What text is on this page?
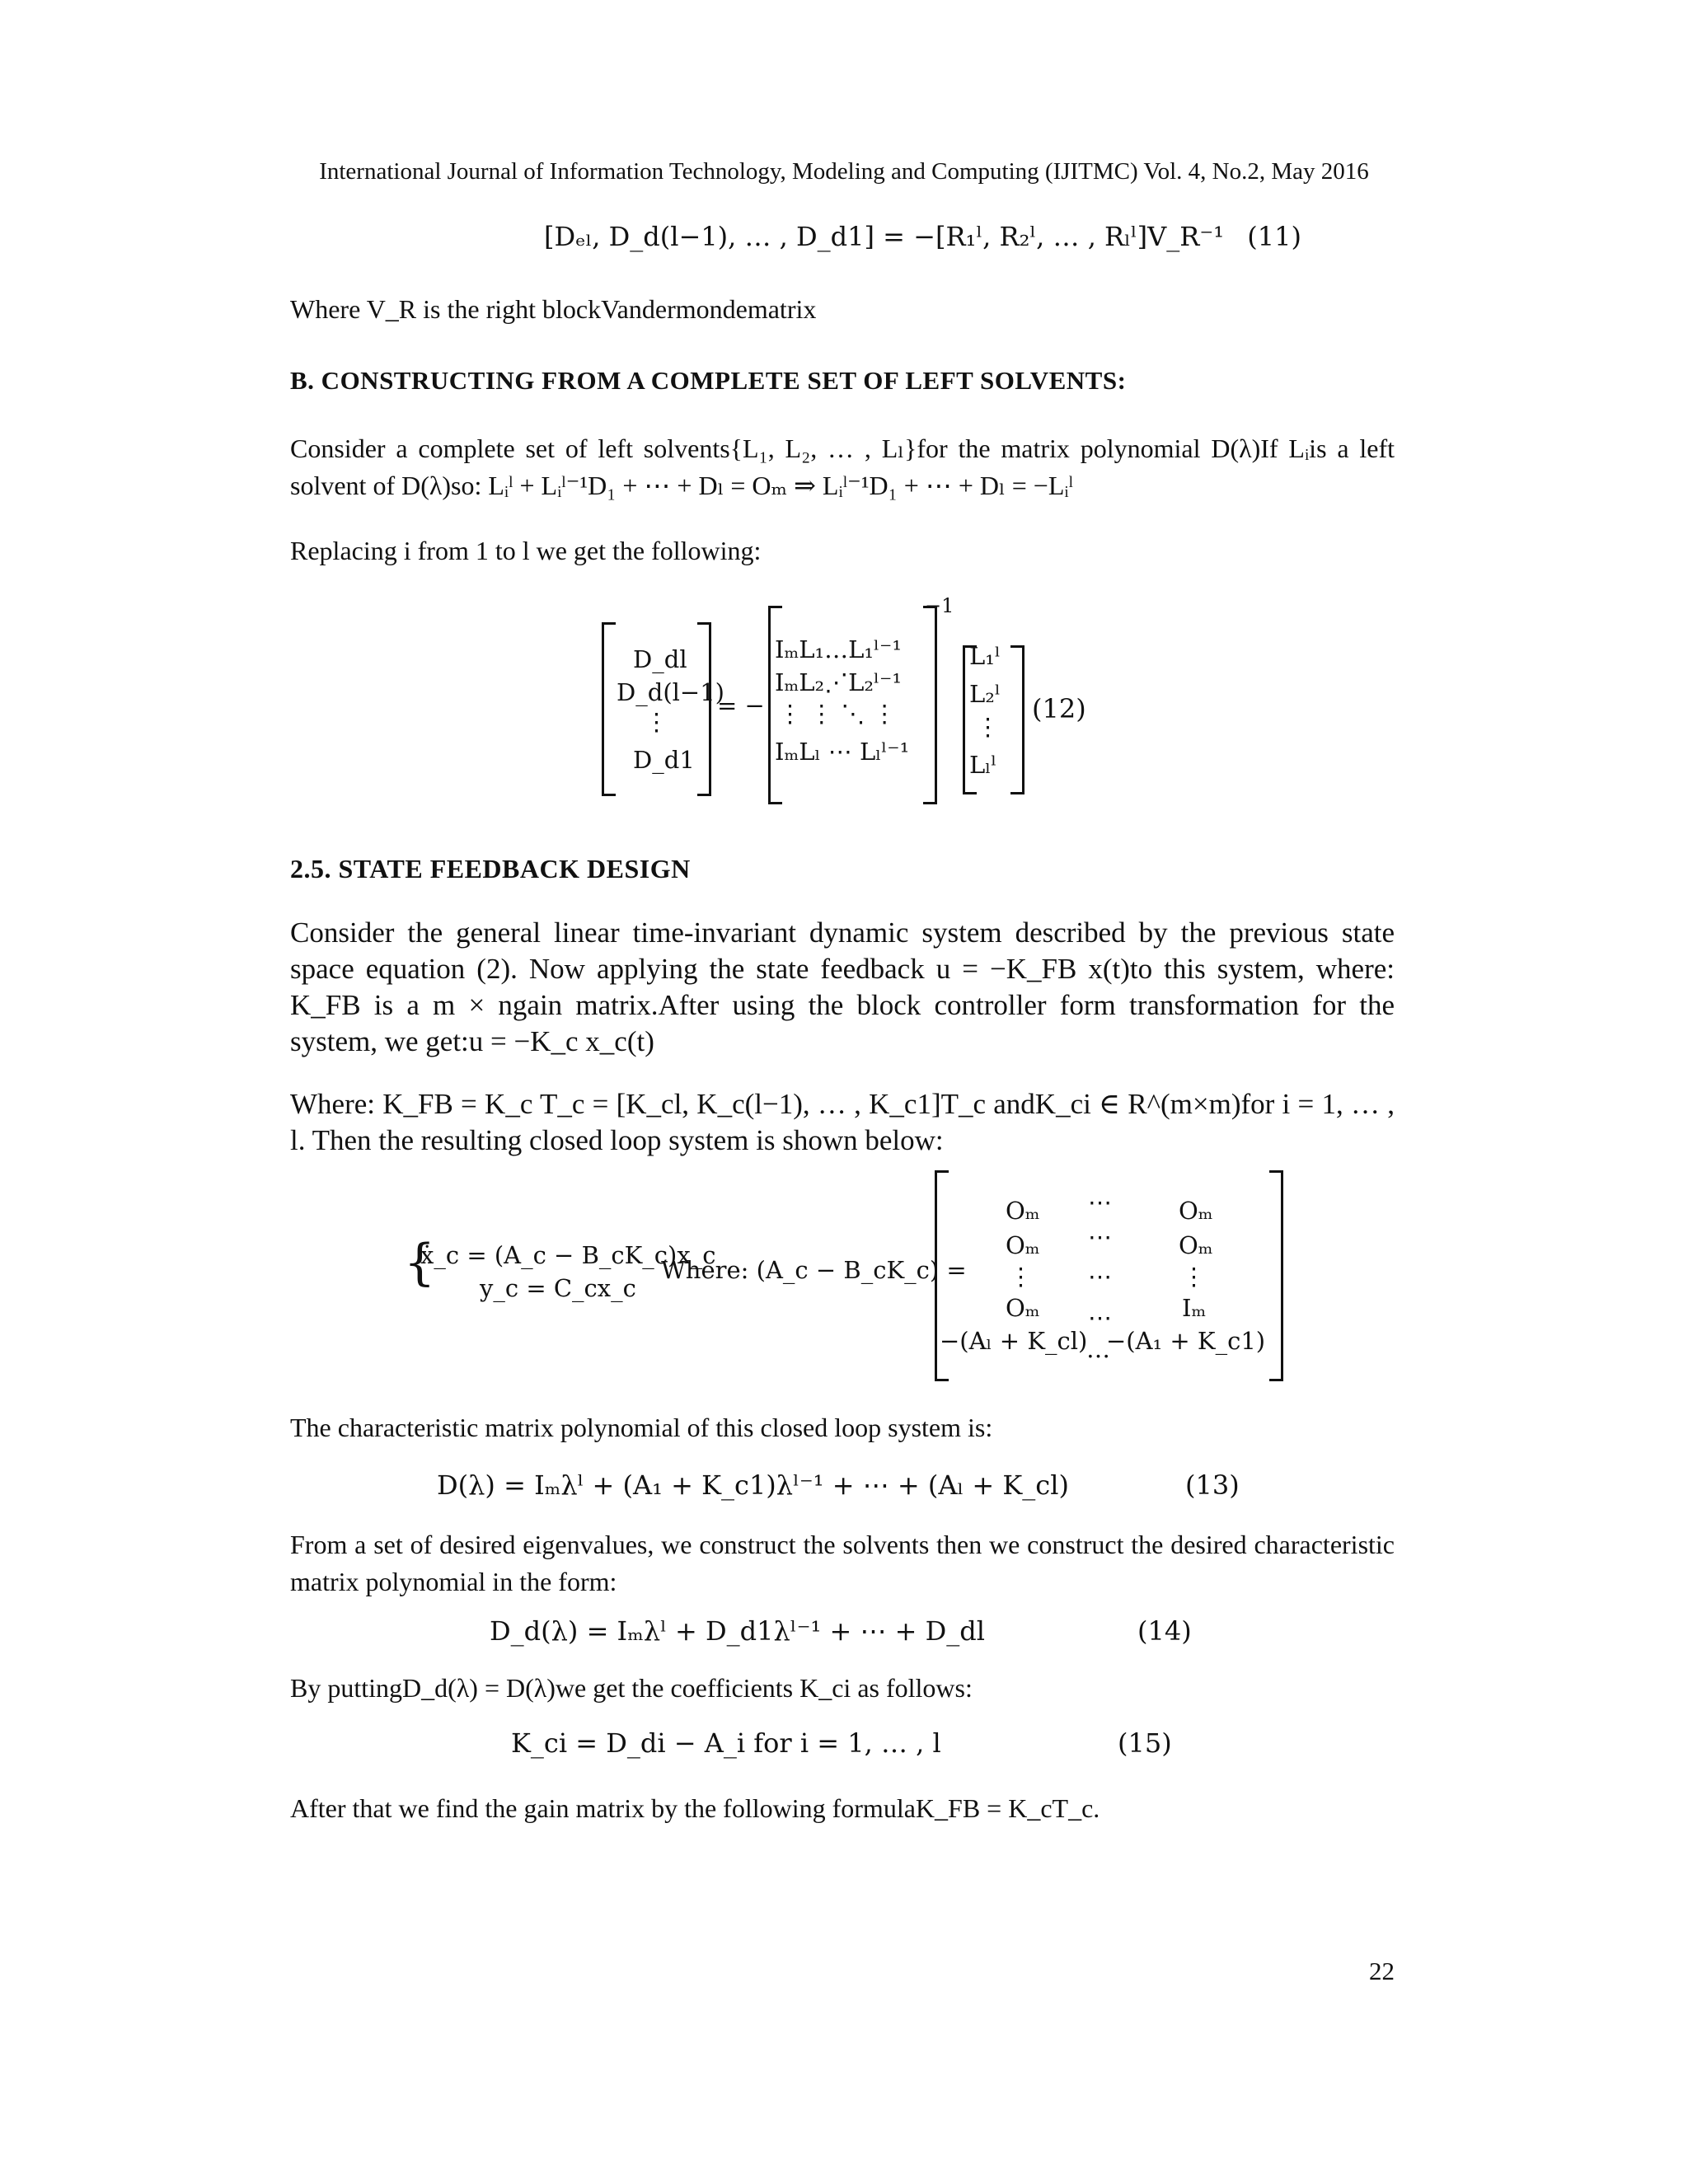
International Journal of Information Technology, Modeling and Computing (IJITMC) Vol. 4, No.2, May 2016
[Dₑₗ, D_d(l−1), … , D_d1] = −[R₁ˡ, R₂ˡ, … , Rₗˡ]V_R⁻¹ (11)
Where V_R is the right blockVandermondematrix
B. CONSTRUCTING FROM A COMPLETE SET OF LEFT SOLVENTS:
Consider a complete set of left solvents{L₁, L₂, … , Lₗ}for the matrix polynomial D(λ)If Lᵢis a left solvent of D(λ)so: Lᵢˡ + Lᵢˡ⁻¹D₁ + ⋯ + Dₗ = Oₘ ⇒ Lᵢˡ⁻¹D₁ + ⋯ + Dₗ = −Lᵢˡ
Replacing i from 1 to l we get the following:
D_dl
D_d(l−1)
⋮
D_d1
= −
IₘL₁…L₁ˡ⁻¹
IₘL₂⋰L₂ˡ⁻¹
⋮ ⋮ ⋱ ⋮
IₘLₗ ⋯ Lₗˡ⁻¹
−1
L₁ˡ
L₂ˡ
⋮
Lₗˡ
(12)
2.5. STATE FEEDBACK DESIGN
Consider the general linear time-invariant dynamic system described by the previous state space equation (2). Now applying the state feedback u = −K_FB x(t)to this system, where: K_FB is a m × ngain matrix.After using the block controller form transformation for the system, we get:u = −K_c x_c(t)
Where: K_FB = K_c T_c = [K_cl, K_c(l−1), … , K_c1]T_c andK_ci ∈ R^(m×m)for i = 1, … , l. Then the resulting closed loop system is shown below:
{
ẋ_c = (A_c − B_cK_c)x_c
y_c = C_cx_c
Where: (A_c − B_cK_c) =
Oₘ ⋯	Oₘ
Oₘ ⋯	Oₘ
⋮ ⋯	⋮
Oₘ ⋯	Iₘ
−(Aₗ + K_cl)
…
−(A₁ + K_c1)
The characteristic matrix polynomial of this closed loop system is:
D(λ) = Iₘλˡ + (A₁ + K_c1)λˡ⁻¹ + ⋯ + (Aₗ + K_cl)	(13)
From a set of desired eigenvalues, we construct the solvents then we construct the desired characteristic matrix polynomial in the form:
D_d(λ) = Iₘλˡ + D_d1λˡ⁻¹ + ⋯ + D_dl	(14)
By puttingD_d(λ) = D(λ)we get the coefficients K_ci as follows:
K_ci = D_di − A_i for i = 1, … , l	(15)
After that we find the gain matrix by the following formulaK_FB = K_cT_c.
22
